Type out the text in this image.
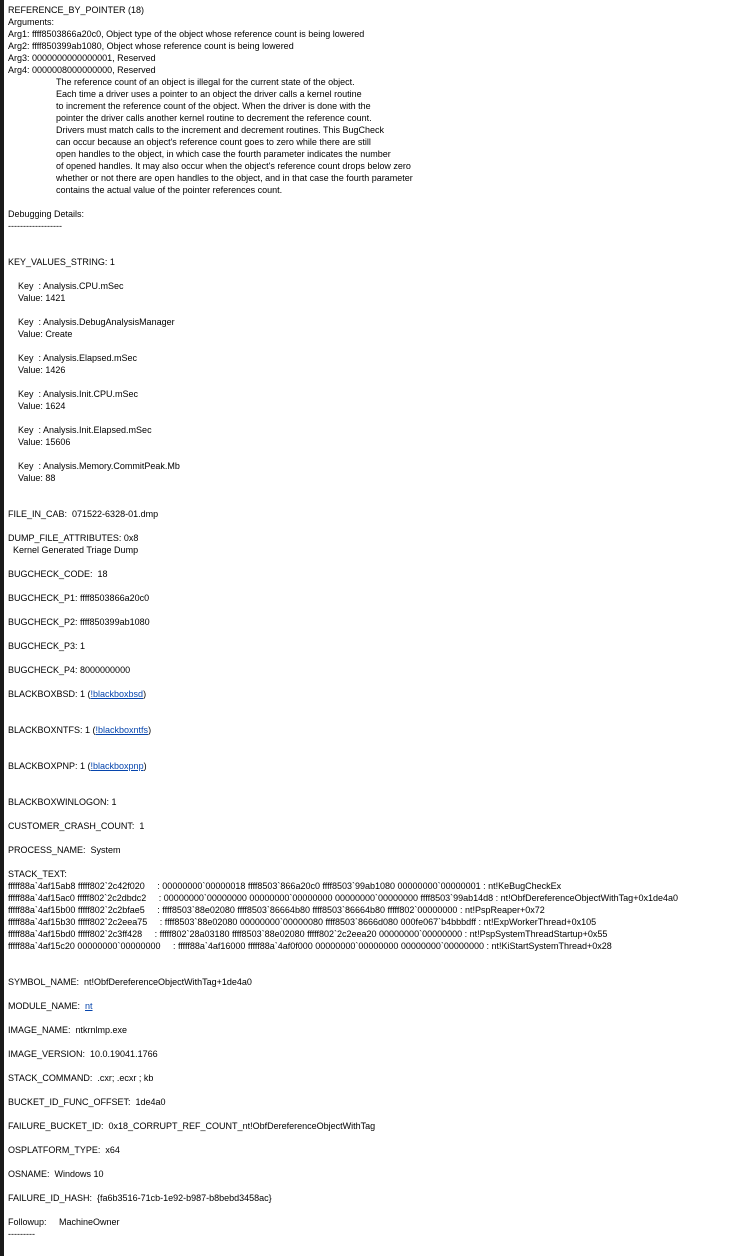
REFERENCE_BY_POINTER (18)
Arguments:
Arg1: ffff8503866a20c0, Object type of the object whose reference count is being lowered
Arg2: ffff850399ab1080, Object whose reference count is being lowered
Arg3: 0000000000000001, Reserved
Arg4: 0000008000000000, Reserved
The reference count of an object is illegal for the current state of the object.
Each time a driver uses a pointer to an object the driver calls a kernel routine
to increment the reference count of the object. When the driver is done with the
pointer the driver calls another kernel routine to decrement the reference count.
Drivers must match calls to the increment and decrement routines. This BugCheck
can occur because an object's reference count goes to zero while there are still
open handles to the object, in which case the fourth parameter indicates the number
of opened handles. It may also occur when the object's reference count drops below zero
whether or not there are open handles to the object, and in that case the fourth parameter
contains the actual value of the pointer references count.
Debugging Details:
------------------
KEY_VALUES_STRING: 1
Key  : Analysis.CPU.mSec
Value: 1421
Key  : Analysis.DebugAnalysisManager
Value: Create
Key  : Analysis.Elapsed.mSec
Value: 1426
Key  : Analysis.Init.CPU.mSec
Value: 1624
Key  : Analysis.Init.Elapsed.mSec
Value: 15606
Key  : Analysis.Memory.CommitPeak.Mb
Value: 88
FILE_IN_CAB:  071522-6328-01.dmp
DUMP_FILE_ATTRIBUTES: 0x8
Kernel Generated Triage Dump
BUGCHECK_CODE:  18
BUGCHECK_P1: ffff8503866a20c0
BUGCHECK_P2: ffff850399ab1080
BUGCHECK_P3: 1
BUGCHECK_P4: 8000000000
BLACKBOXBSD: 1 (!blackboxbsd)
BLACKBOXNTFS: 1 (!blackboxntfs)
BLACKBOXPNP: 1 (!blackboxpnp)
BLACKBOXWINLOGON: 1
CUSTOMER_CRASH_COUNT:  1
PROCESS_NAME:  System
STACK_TEXT:
fffff88a`4af15ab8 fffff802`2c42f020     : 00000000`00000018 ffff8503`866a20c0 ffff8503`99ab1080 00000000`00000001 : nt!KeBugCheckEx
fffff88a`4af15ac0 fffff802`2c2dbdc2     : 00000000`00000000 00000000`00000000 00000000`00000000 ffff8503`99ab14d8 : nt!ObfDereferenceObjectWithTag+0x1de4a0
fffff88a`4af15b00 fffff802`2c2bfae5     : ffff8503`88e02080 ffff8503`86664b80 ffff8503`86664b80 fffff802`00000000 : nt!PspReaper+0x72
fffff88a`4af15b30 fffff802`2c2eea75     : ffff8503`88e02080 00000000`00000080 ffff8503`8666d080 000fe067`b4bbbdff : nt!ExpWorkerThread+0x105
fffff88a`4af15bd0 fffff802`2c3ff428     : fffff802`28a03180 ffff8503`88e02080 fffff802`2c2eea20 00000000`00000000 : nt!PspSystemThreadStartup+0x55
fffff88a`4af15c20 00000000`00000000     : fffff88a`4af16000 fffff88a`4af0f000 00000000`00000000 00000000`00000000 : nt!KiStartSystemThread+0x28
SYMBOL_NAME:  nt!ObfDereferenceObjectWithTag+1de4a0
MODULE_NAME:  nt
IMAGE_NAME:  ntkrnlmp.exe
IMAGE_VERSION:  10.0.19041.1766
STACK_COMMAND:  .cxr; .ecxr ; kb
BUCKET_ID_FUNC_OFFSET:  1de4a0
FAILURE_BUCKET_ID:  0x18_CORRUPT_REF_COUNT_nt!ObfDereferenceObjectWithTag
OSPLATFORM_TYPE:  x64
OSNAME:  Windows 10
FAILURE_ID_HASH:  {fa6b3516-71cb-1e92-b987-b8bebd3458ac}
Followup:     MachineOwner
---------
